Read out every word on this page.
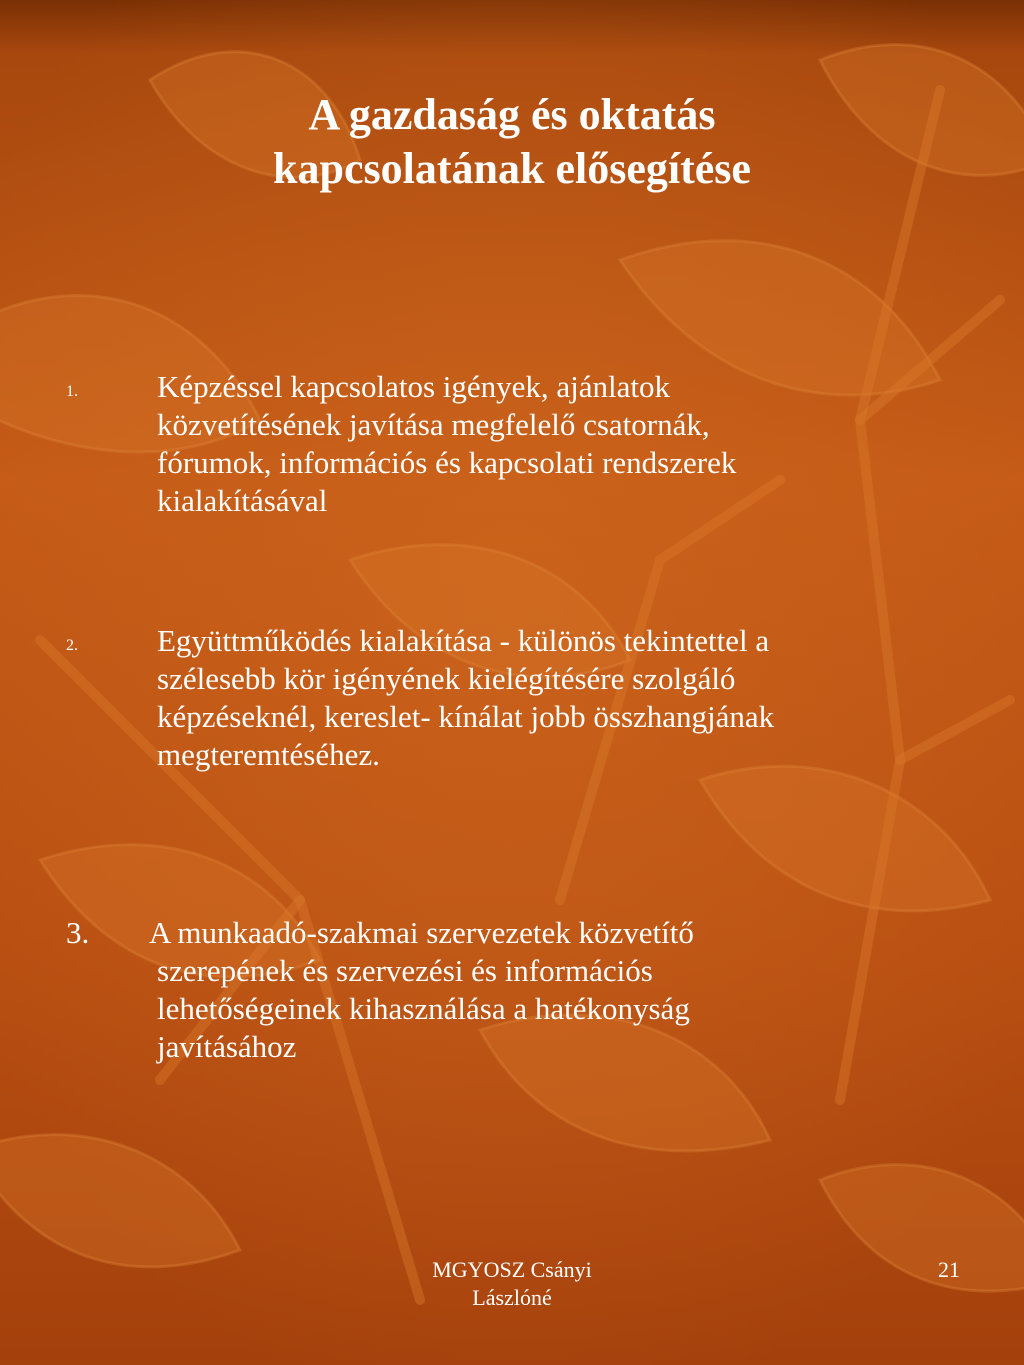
A gazdaság és oktatás
kapcsolatának elősegítése
1.	Képzéssel kapcsolatos igények, ajánlatok
közvetítésének javítása megfelelő csatornák,
fórumok, információs és kapcsolati rendszerek
kialakításával

2.	Együttműködés kialakítása - különös tekintettel a
szélesebb kör igényének kielégítésére szolgáló
képzéseknél, kereslet- kínálat jobb összhangjának
megteremtéséhez.

3. A munkaadó-szakmai szervezetek közvetítő
szerepének és szervezési és információs
lehetőségeinek kihasználása a hatékonyság
javításához

MGYOSZ Csányi
Lászlóné
21
